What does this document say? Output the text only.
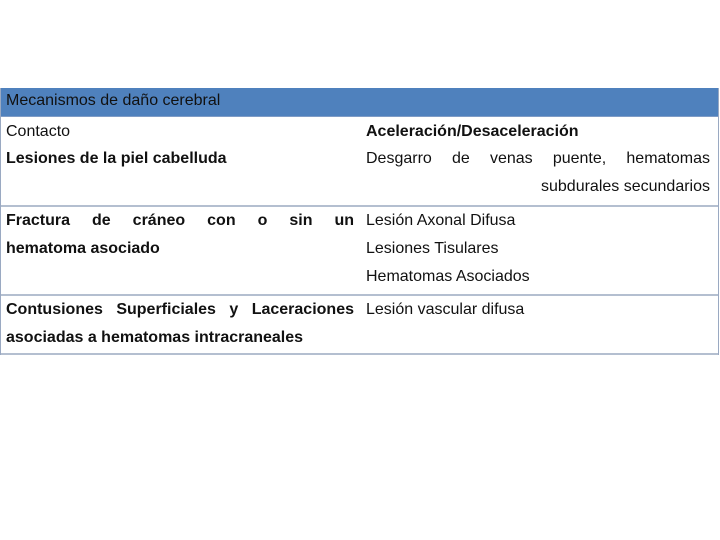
Mecanismos de daño cerebral
Contacto	Aceleración/Desaceleración
Lesiones de la piel cabelluda	Desgarro de venas puente, hematomas
subdurales secundarios
Fractura de cráneo con o sin un
hematoma asociado
Lesión Axonal Difusa
Lesiones Tisulares
Hematomas Asociados
Contusiones Superficiales y Laceraciones
asociadas a hematomas intracraneales
Lesión vascular difusa
